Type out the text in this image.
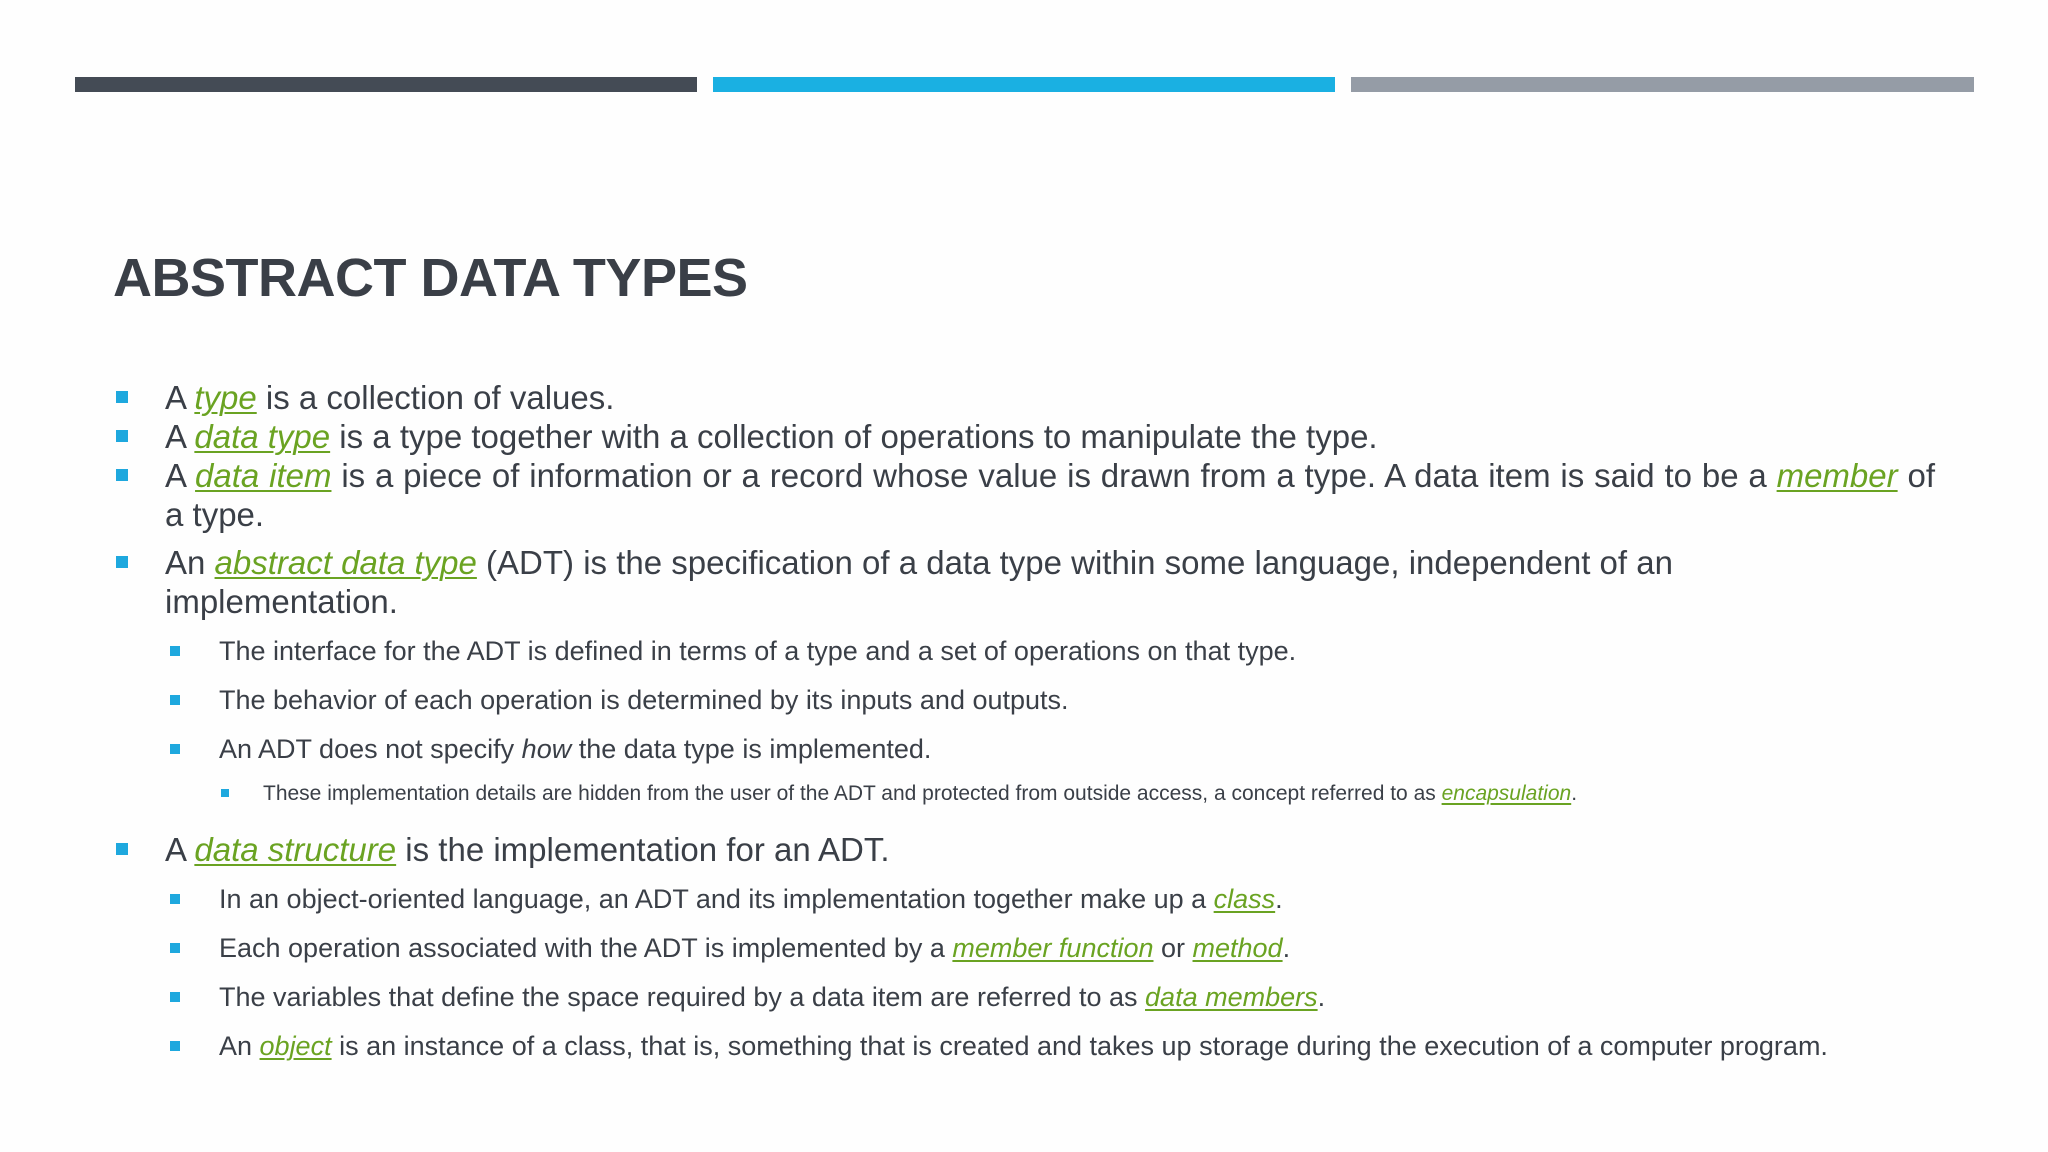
ABSTRACT DATA TYPES
A type is a collection of values.
A data type is a type together with a collection of operations to manipulate the type.
A data item is a piece of information or a record whose value is drawn from a type. A data item is said to be a member of a type.
An abstract data type (ADT) is the specification of a data type within some language, independent of an implementation.
The interface for the ADT is defined in terms of a type and a set of operations on that type.
The behavior of each operation is determined by its inputs and outputs.
An ADT does not specify how the data type is implemented.
These implementation details are hidden from the user of the ADT and protected from outside access, a concept referred to as encapsulation.
A data structure is the implementation for an ADT.
In an object-oriented language, an ADT and its implementation together make up a class.
Each operation associated with the ADT is implemented by a member function or method.
The variables that define the space required by a data item are referred to as data members.
An object is an instance of a class, that is, something that is created and takes up storage during the execution of a computer program.
